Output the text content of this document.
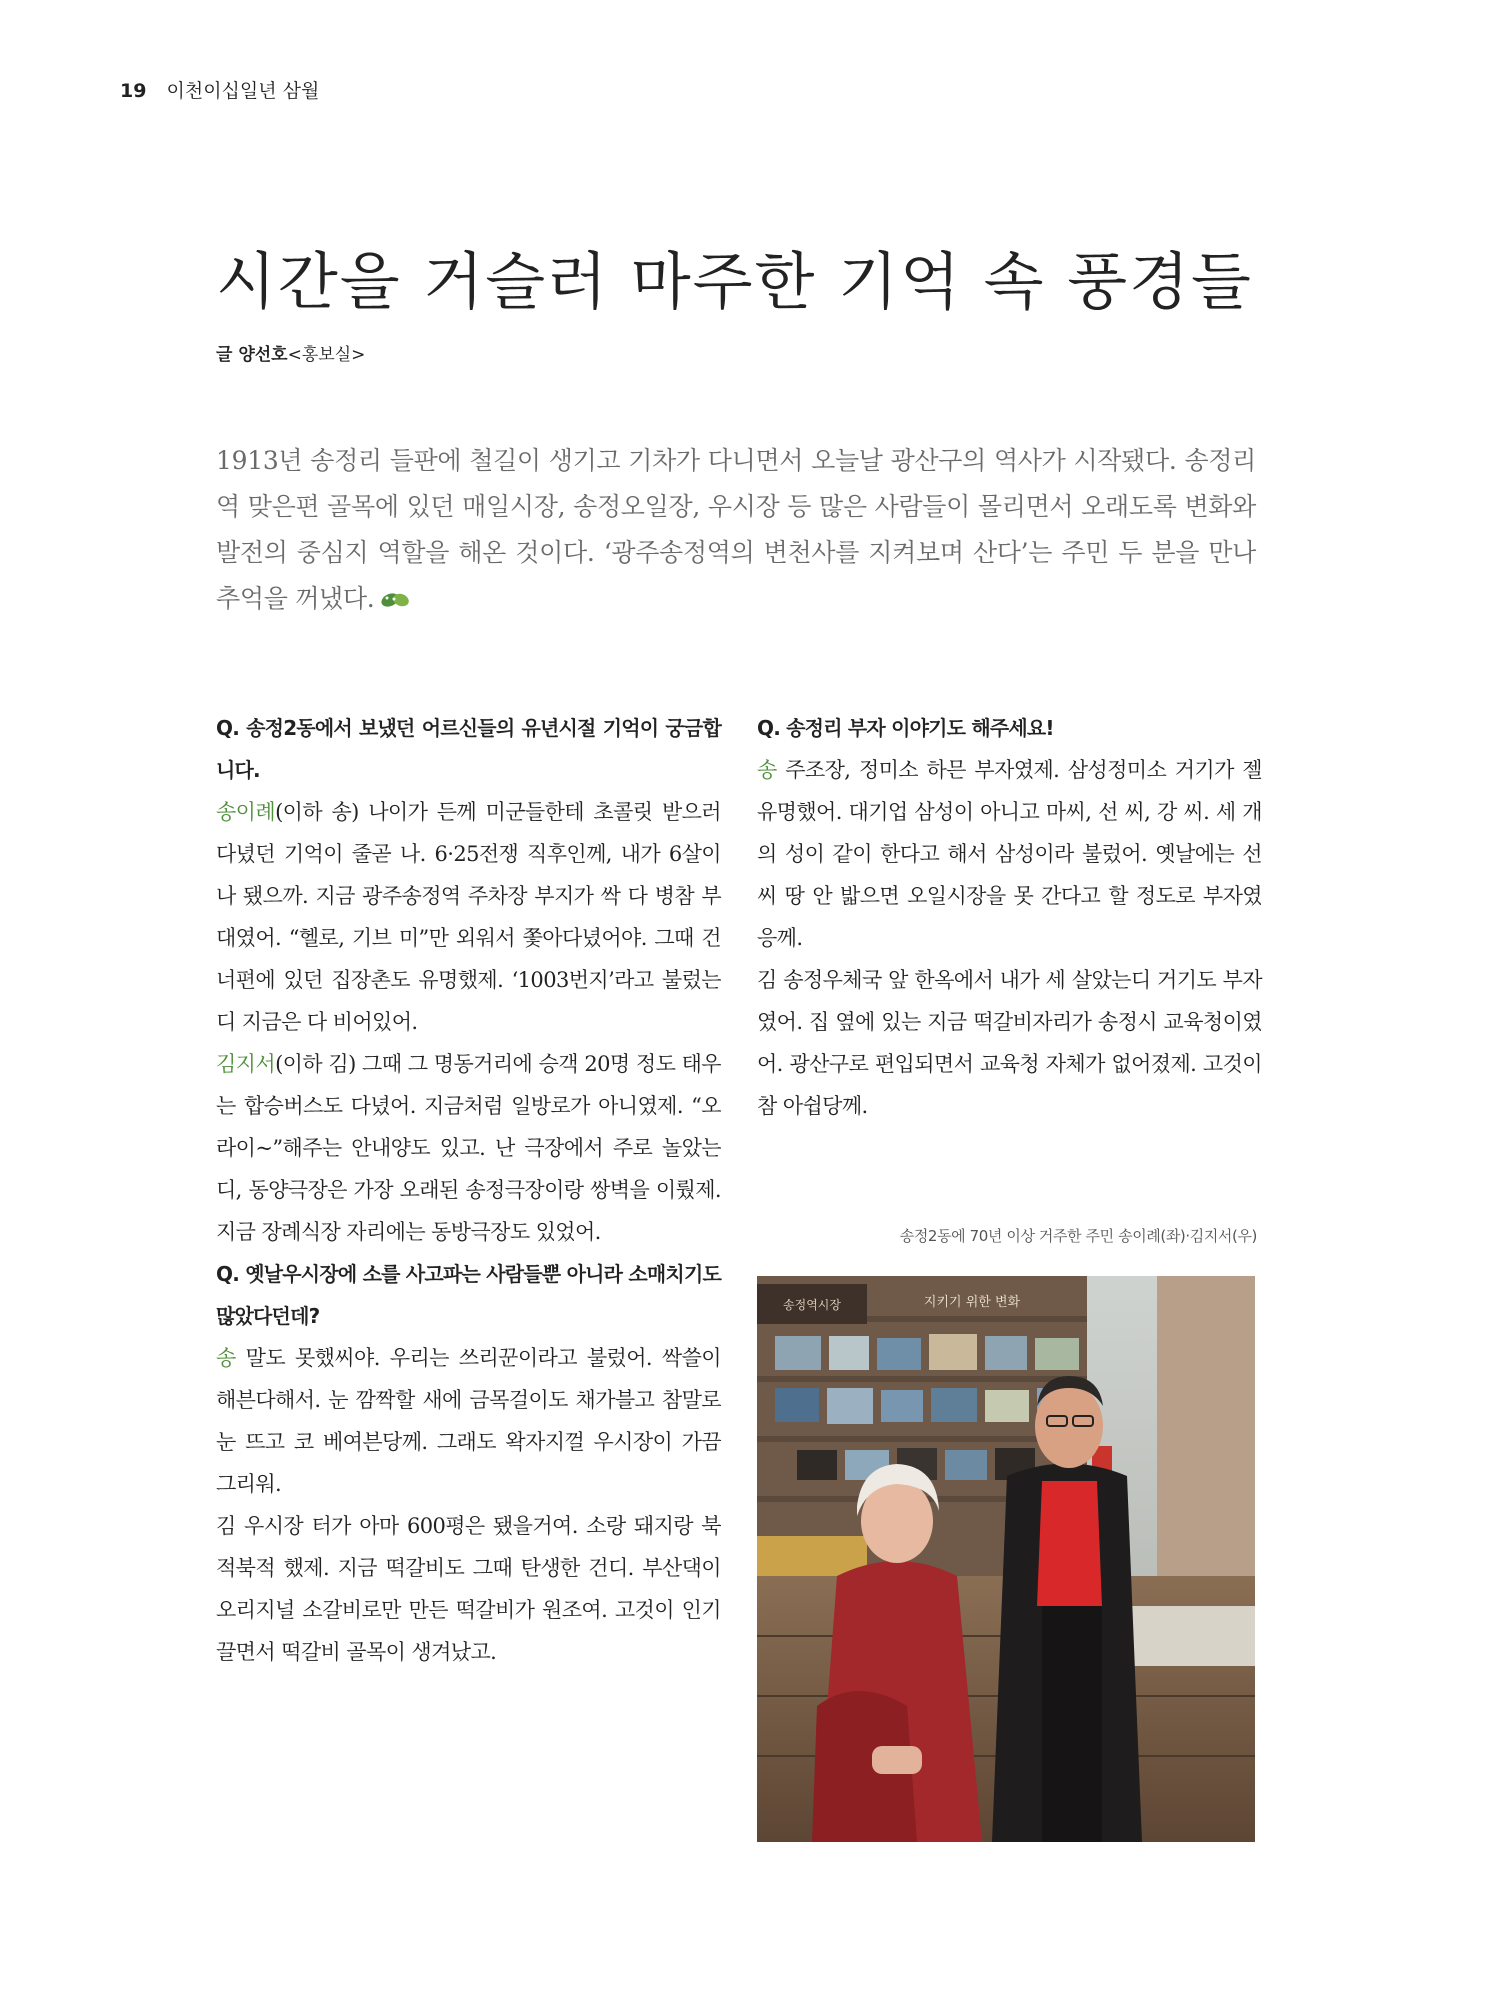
19 이천이십일년 삼월
시간을 거슬러 마주한 기억 속 풍경들
글 양선호<홍보실>
1913년 송정리 들판에 철길이 생기고 기차가 다니면서 오늘날 광산구의 역사가 시작됐다. 송정리역 맞은편 골목에 있던 매일시장, 송정오일장, 우시장 등 많은 사람들이 몰리면서 오래도록 변화와 발전의 중심지 역할을 해온 것이다. ‘광주송정역의 변천사를 지켜보며 산다’는 주민 두 분을 만나 추억을 꺼냈다.

Q. 송정2동에서 보냈던 어르신들의 유년시절 기억이 궁금합니다.

송이례(이하 송) 나이가 든께 미군들한테 초콜릿 받으러 다녔던 기억이 줄곧 나. 6·25전쟁 직후인께, 내가 6살이나 됐으까. 지금 광주송정역 주차장 부지가 싹 다 병참 부대였어. “헬로, 기브 미”만 외워서 쫓아다녔어야. 그때 건너편에 있던 집장촌도 유명했제. ‘1003번지’라고 불렀는디 지금은 다 비어있어.

김지서(이하 김) 그때 그 명동거리에 승객 20명 정도 태우는 합승버스도 다녔어. 지금처럼 일방로가 아니였제. “오라이~”해주는 안내양도 있고. 난 극장에서 주로 놀았는디, 동양극장은 가장 오래된 송정극장이랑 쌍벽을 이뤘제. 지금 장례식장 자리에는 동방극장도 있었어.

Q. 옛날우시장에 소를 사고파는 사람들뿐 아니라 소매치기도 많았다던데?

송 말도 못했씨야. 우리는 쓰리꾼이라고 불렀어. 싹쓸이 해븐다해서. 눈 깜짝할 새에 금목걸이도 채가블고 참말로 눈 뜨고 코 베여븐당께. 그래도 왁자지껄 우시장이 가끔 그리워.

김 우시장 터가 아마 600평은 됐을거여. 소랑 돼지랑 북적북적 했제. 지금 떡갈비도 그때 탄생한 건디. 부산댁이 오리지널 소갈비로만 만든 떡갈비가 원조여. 고것이 인기 끌면서 떡갈비 골목이 생겨났고.

Q. 송정리 부자 이야기도 해주세요!

송 주조장, 정미소 하믄 부자였제. 삼성정미소 거기가 젤 유명했어. 대기업 삼성이 아니고 마씨, 선 씨, 강 씨. 세 개의 성이 같이 한다고 해서 삼성이라 불렀어. 옛날에는 선 씨 땅 안 밟으면 오일시장을 못 간다고 할 정도로 부자였응께.

김 송정우체국 앞 한옥에서 내가 세 살았는디 거기도 부자였어. 집 옆에 있는 지금 떡갈비자리가 송정시 교육청이였어. 광산구로 편입되면서 교육청 자체가 없어졌제. 고것이 참 아쉽당께.

송정2동에 70년 이상 거주한 주민 송이례(좌)·김지서(우)
송정역시장	지키기 위한 변화
